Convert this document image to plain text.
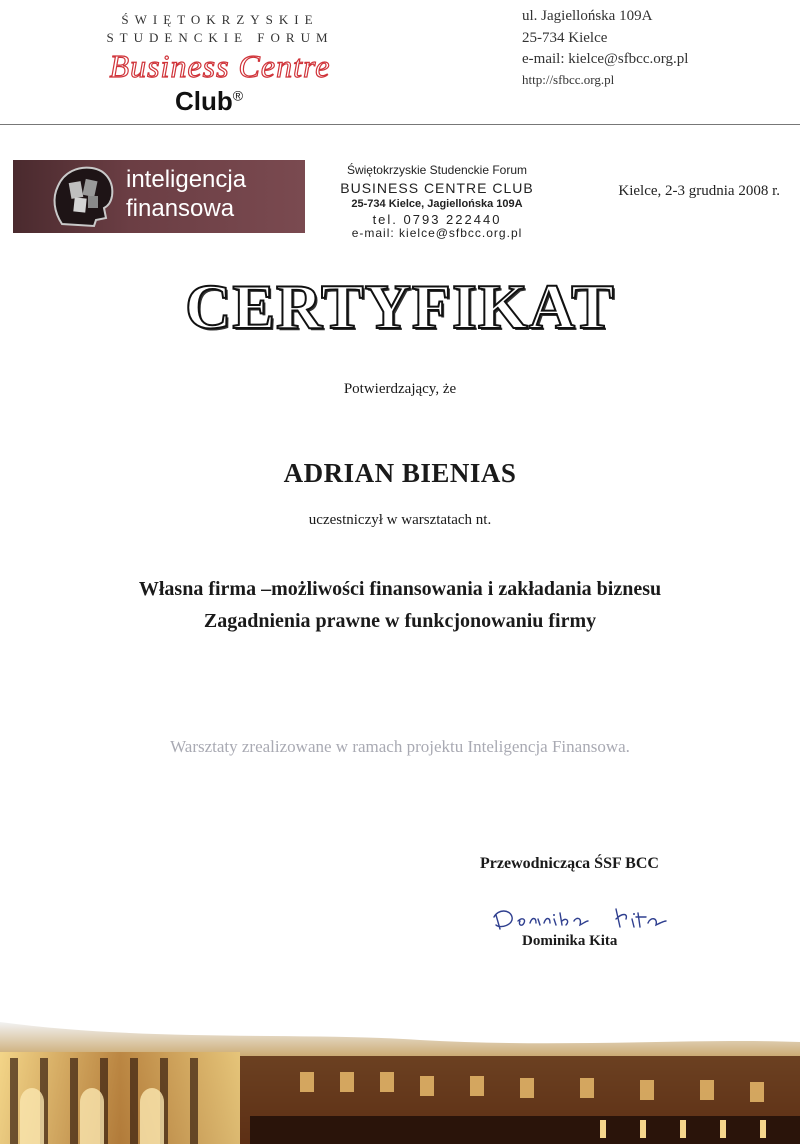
ŚWIĘTOKRZYSKIE
STUDENCKIE FORUM
Business Centre
Club®
ul. Jagiellońska 109A
25-734 Kielce
e-mail: kielce@sfbcc.org.pl
http://sfbcc.org.pl
inteligencja
finansowa
Świętokrzyskie Studenckie Forum
BUSINESS CENTRE CLUB
25-734 Kielce, Jagiellońska 109A
tel. 0793 222440
e-mail: kielce@sfbcc.org.pl
Kielce, 2-3 grudnia 2008 r.
CERTYFIKAT
Potwierdzający, że
ADRIAN BIENIAS
uczestniczył w warsztatach nt.
Własna firma –możliwości finansowania i zakładania biznesu
Zagadnienia prawne w funkcjonowaniu firmy
Warsztaty zrealizowane w ramach projektu Inteligencja Finansowa.
Przewodnicząca ŚSF BCC
Dominika Kita
